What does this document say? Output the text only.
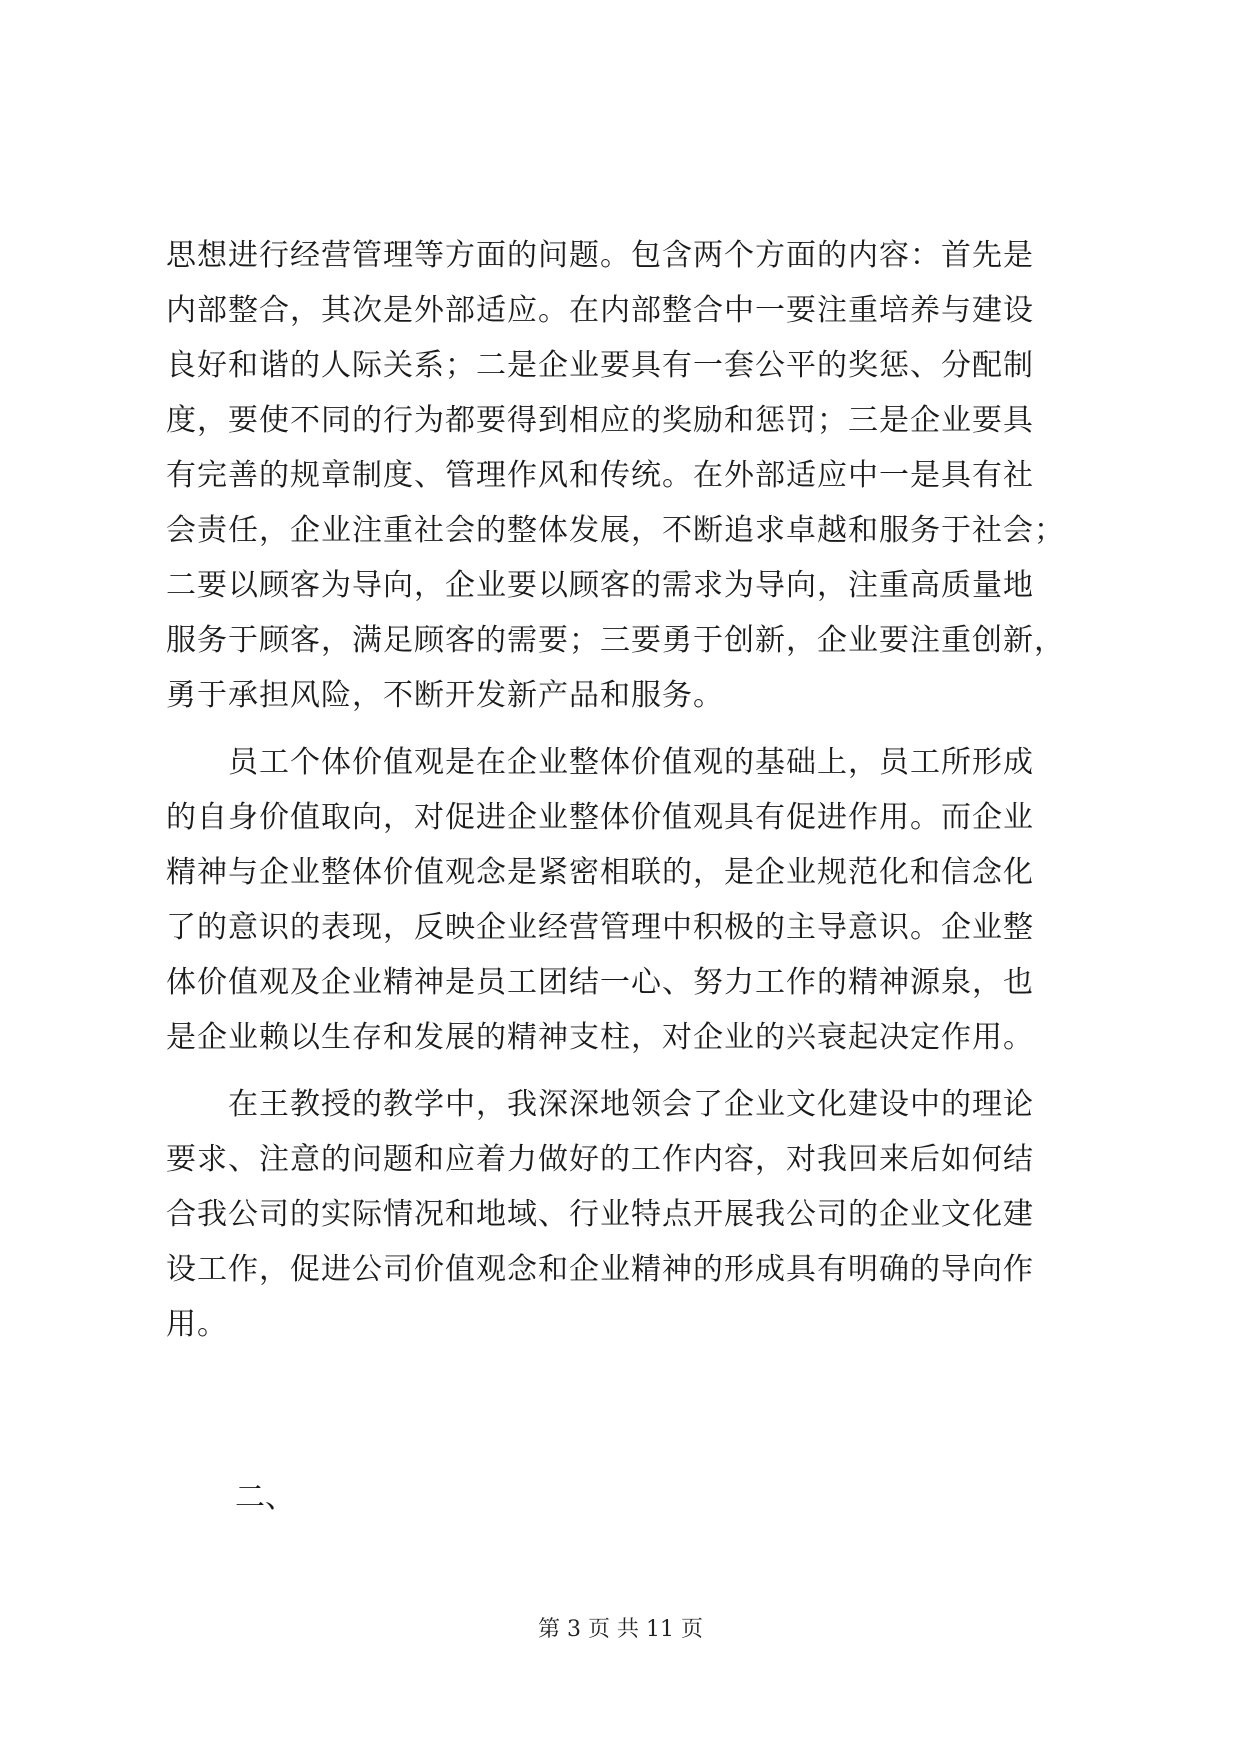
思想进行经营管理等方面的问题。包含两个方面的内容：首先是
内部整合，其次是外部适应。在内部整合中一要注重培养与建设
良好和谐的人际关系；二是企业要具有一套公平的奖惩、分配制
度，要使不同的行为都要得到相应的奖励和惩罚；三是企业要具
有完善的规章制度、管理作风和传统。在外部适应中一是具有社
会责任，企业注重社会的整体发展，不断追求卓越和服务于社会；
二要以顾客为导向，企业要以顾客的需求为导向，注重高质量地
服务于顾客，满足顾客的需要；三要勇于创新，企业要注重创新，
勇于承担风险，不断开发新产品和服务。

　　员工个体价值观是在企业整体价值观的基础上，员工所形成
的自身价值取向，对促进企业整体价值观具有促进作用。而企业
精神与企业整体价值观念是紧密相联的，是企业规范化和信念化
了的意识的表现，反映企业经营管理中积极的主导意识。企业整
体价值观及企业精神是员工团结一心、努力工作的精神源泉，也
是企业赖以生存和发展的精神支柱，对企业的兴衰起决定作用。

　　在王教授的教学中，我深深地领会了企业文化建设中的理论
要求、注意的问题和应着力做好的工作内容，对我回来后如何结
合我公司的实际情况和地域、行业特点开展我公司的企业文化建
设工作，促进公司价值观念和企业精神的形成具有明确的导向作
用。

二、
第 3 页 共 11 页
